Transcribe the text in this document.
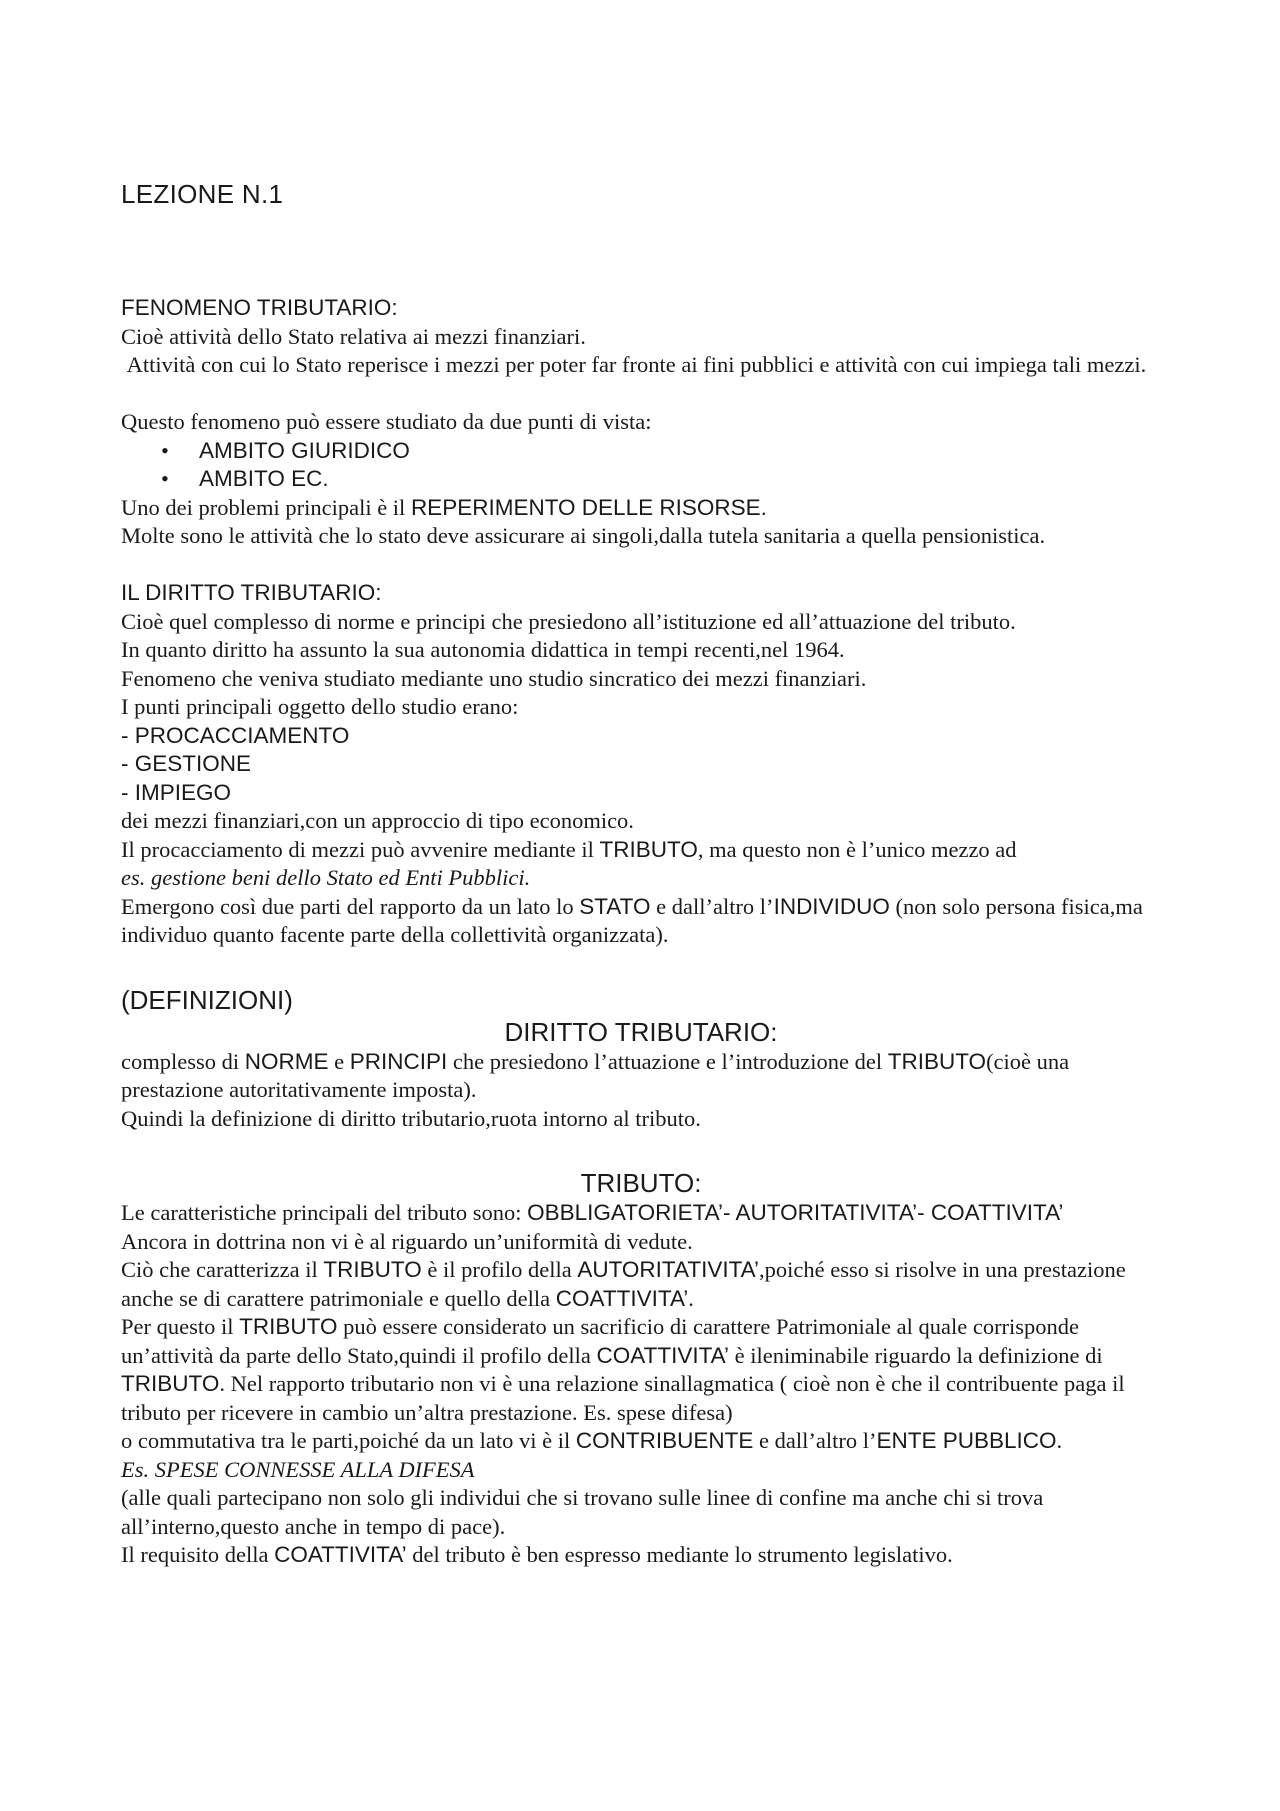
LEZIONE N.1

FENOMENO TRIBUTARIO:

Cioè attività dello Stato relativa ai mezzi finanziari.

Attività con cui lo Stato reperisce i mezzi per poter far fronte ai fini pubblici e attività con cui impiega tali mezzi.

Questo fenomeno può essere studiato da due punti di vista:

• AMBITO GIURIDICO
• AMBITO EC.

Uno dei problemi principali è il REPERIMENTO DELLE RISORSE.

Molte sono le attività che lo stato deve assicurare ai singoli,dalla tutela sanitaria a quella pensionistica.

IL DIRITTO TRIBUTARIO:

Cioè quel complesso di norme e principi che presiedono all’istituzione ed all’attuazione del tributo.

In quanto diritto ha assunto la sua autonomia didattica in tempi recenti,nel 1964.

Fenomeno che veniva studiato mediante uno studio sincratico dei mezzi finanziari.

I punti principali oggetto dello studio erano:

- PROCACCIAMENTO

- GESTIONE

- IMPIEGO

dei mezzi finanziari,con un approccio di tipo economico.

Il procacciamento di mezzi può avvenire mediante il TRIBUTO, ma questo non è l’unico mezzo ad

es. gestione beni dello Stato ed Enti Pubblici.

Emergono così due parti del rapporto da un lato lo STATO e dall’altro l’INDIVIDUO (non solo persona fisica,ma individuo quanto facente parte della collettività organizzata).

(DEFINIZIONI)

DIRITTO TRIBUTARIO:

complesso di NORME e PRINCIPI che presiedono l’attuazione e l’introduzione del TRIBUTO(cioè una prestazione autoritativamente imposta).

Quindi la definizione di diritto tributario,ruota intorno al tributo.

TRIBUTO:

Le caratteristiche principali del tributo sono: OBBLIGATORIETA’- AUTORITATIVITA’- COATTIVITA’

Ancora in dottrina non vi è al riguardo un’uniformità di vedute.

Ciò che caratterizza il TRIBUTO è il profilo della AUTORITATIVITA’,poiché esso si risolve in una prestazione anche se di carattere patrimoniale e quello della COATTIVITA’.

Per questo il TRIBUTO può essere considerato un sacrificio di carattere Patrimoniale al quale corrisponde un’attività da parte dello Stato,quindi il profilo della COATTIVITA’ è ileniminabile riguardo la definizione di TRIBUTO. Nel rapporto tributario non vi è una relazione sinallagmatica ( cioè non è che il contribuente paga il tributo per ricevere in cambio un’altra prestazione. Es. spese difesa)

o commutativa tra le parti,poiché da un lato vi è il CONTRIBUENTE e dall’altro l’ENTE PUBBLICO.

Es. SPESE CONNESSE ALLA DIFESA

(alle quali partecipano non solo gli individui che si trovano sulle linee di confine ma anche chi si trova all’interno,questo anche in tempo di pace).

Il requisito della COATTIVITA’ del tributo è ben espresso mediante lo strumento legislativo.
